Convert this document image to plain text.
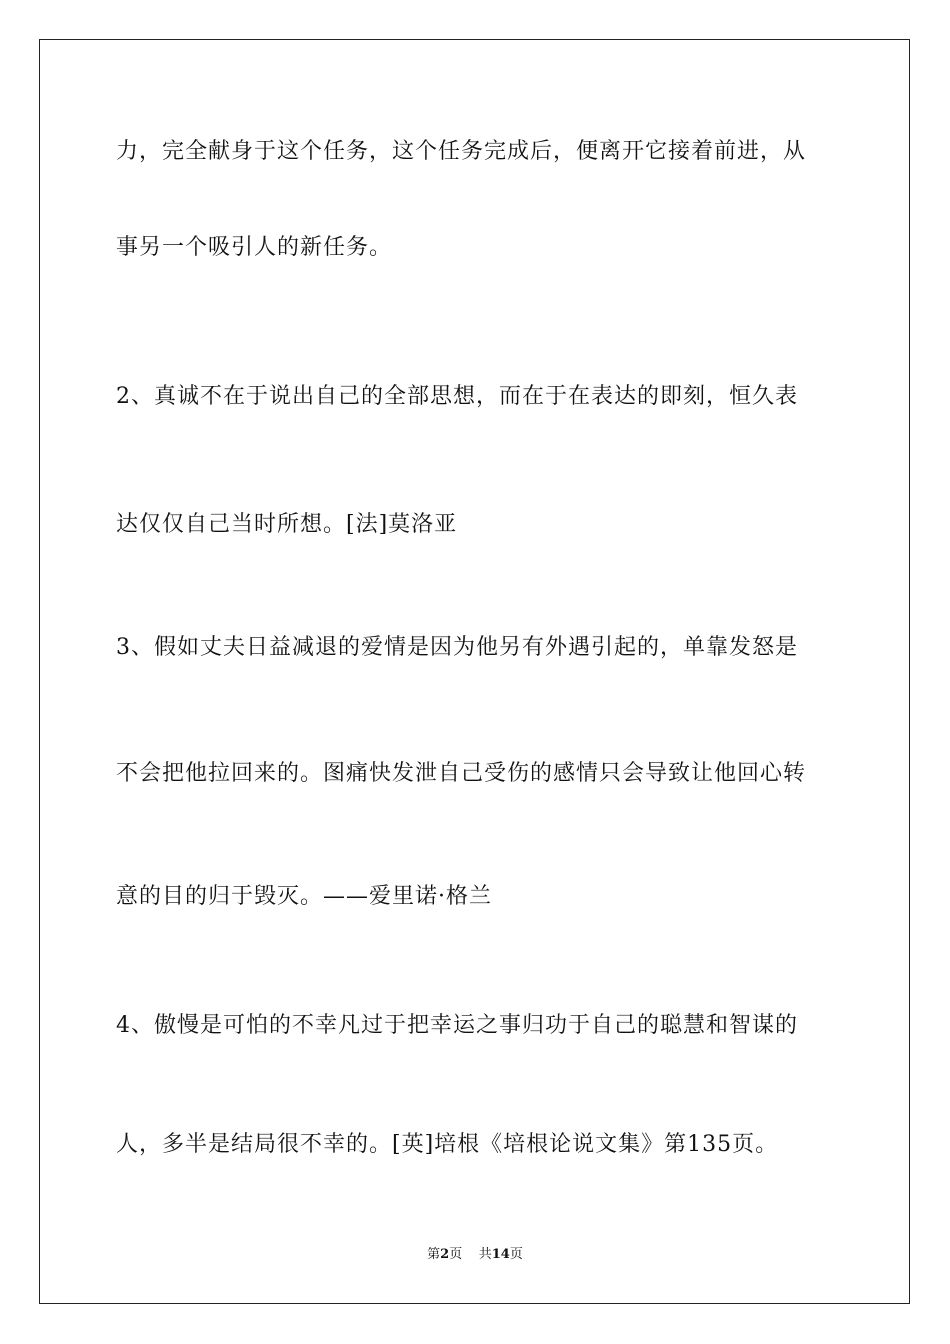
力，完全献身于这个任务，这个任务完成后，便离开它接着前进，从
事另一个吸引人的新任务。
2、真诚不在于说出自己的全部思想，而在于在表达的即刻，恒久表
达仅仅自己当时所想。[法]莫洛亚
3、假如丈夫日益减退的爱情是因为他另有外遇引起的，单靠发怒是
不会把他拉回来的。图痛快发泄自己受伤的感情只会导致让他回心转
意的目的归于毁灭。——爱里诺·格兰
4、傲慢是可怕的不幸凡过于把幸运之事归功于自己的聪慧和智谋的
人，多半是结局很不幸的。[英]培根《培根论说文集》第135页。
第2页 共14页
